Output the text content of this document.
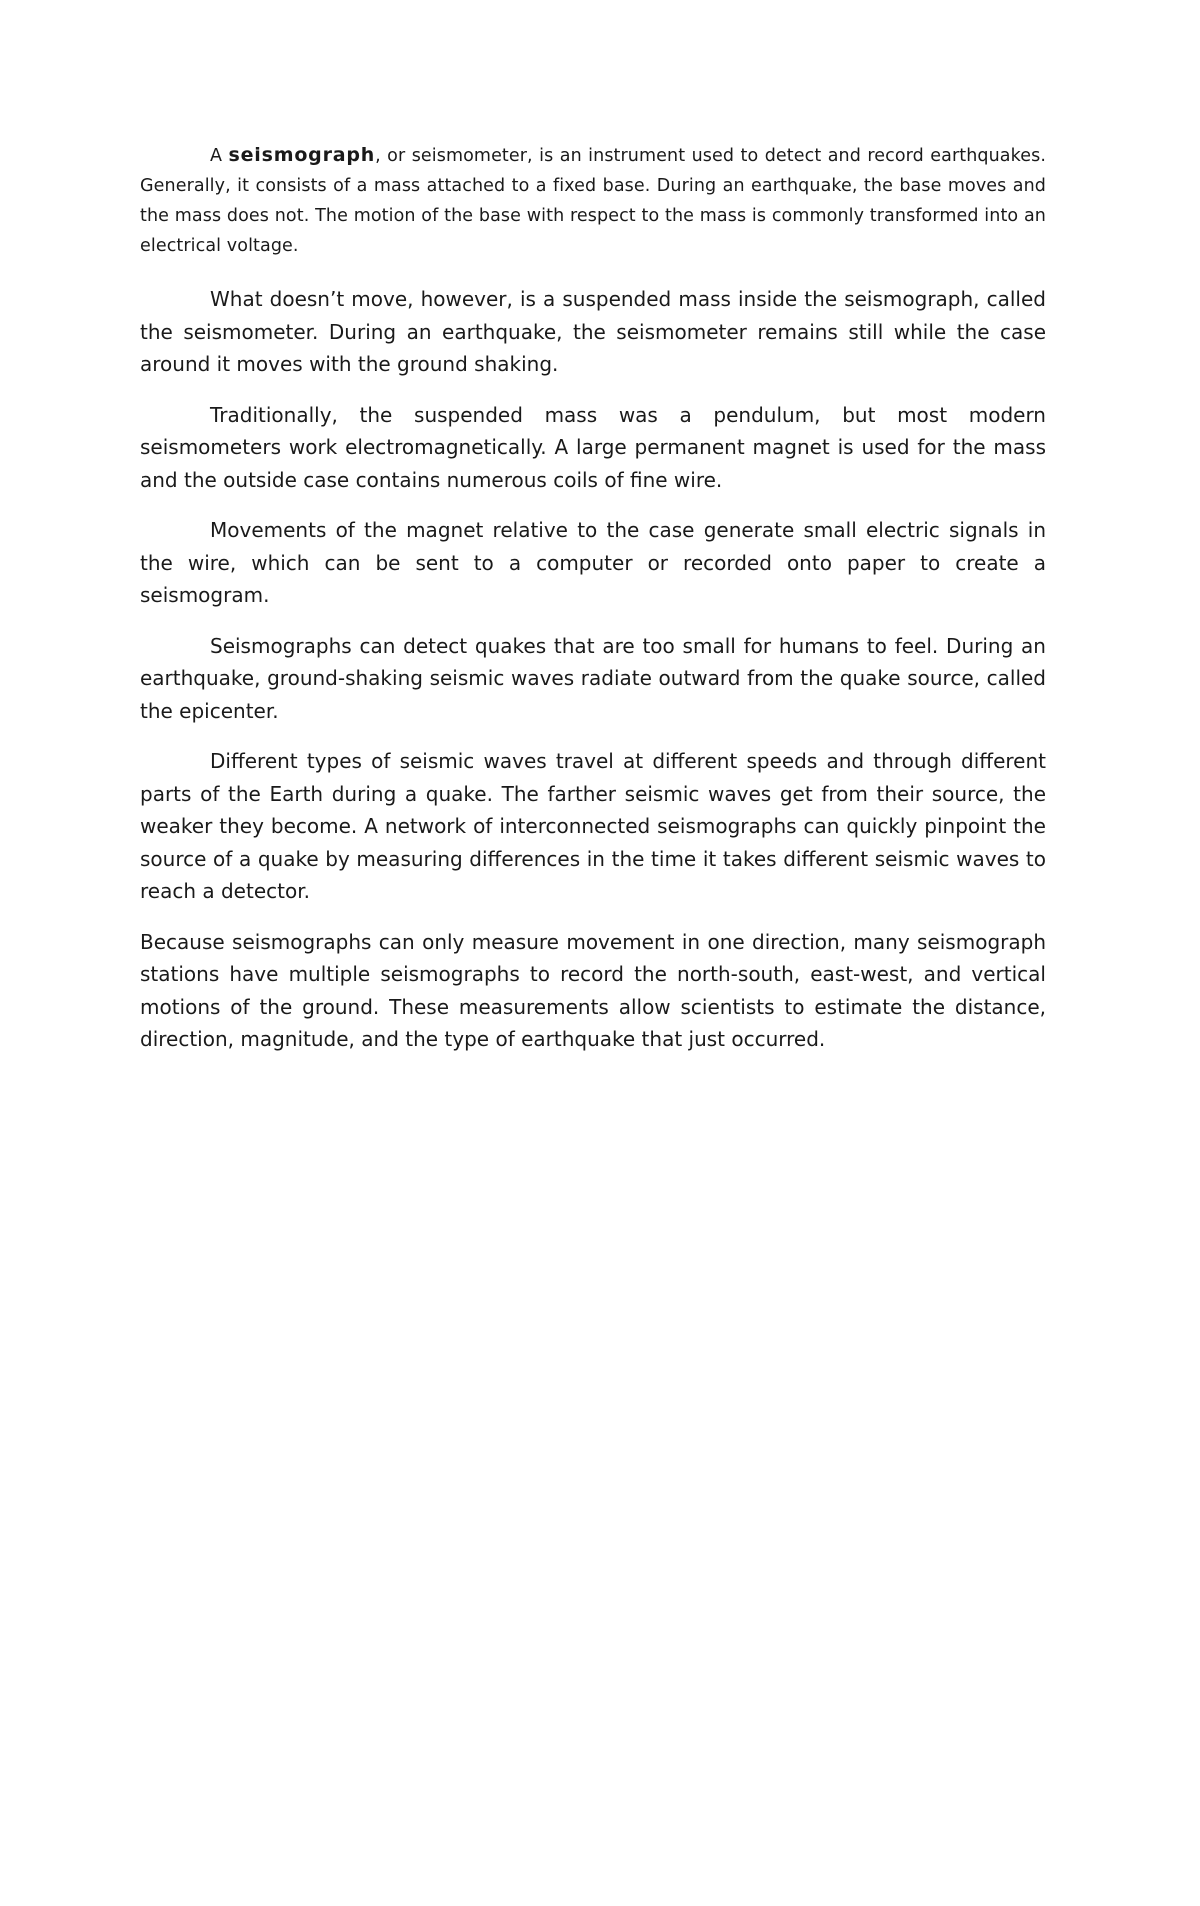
A seismograph, or seismometer, is an instrument used to detect and record earthquakes. Generally, it consists of a mass attached to a fixed base. During an earthquake, the base moves and the mass does not. The motion of the base with respect to the mass is commonly transformed into an electrical voltage.

What doesn’t move, however, is a suspended mass inside the seismograph, called the seismometer. During an earthquake, the seismometer remains still while the case around it moves with the ground shaking.

Traditionally, the suspended mass was a pendulum, but most modern seismometers work electromagnetically. A large permanent magnet is used for the mass and the outside case contains numerous coils of fine wire.

Movements of the magnet relative to the case generate small electric signals in the wire, which can be sent to a computer or recorded onto paper to create a seismogram.

Seismographs can detect quakes that are too small for humans to feel. During an earthquake, ground-shaking seismic waves radiate outward from the quake source, called the epicenter.

Different types of seismic waves travel at different speeds and through different parts of the Earth during a quake. The farther seismic waves get from their source, the weaker they become. A network of interconnected seismographs can quickly pinpoint the source of a quake by measuring differences in the time it takes different seismic waves to reach a detector.

Because seismographs can only measure movement in one direction, many seismograph stations have multiple seismographs to record the north-south, east-west, and vertical motions of the ground. These measurements allow scientists to estimate the distance, direction, magnitude, and the type of earthquake that just occurred.
